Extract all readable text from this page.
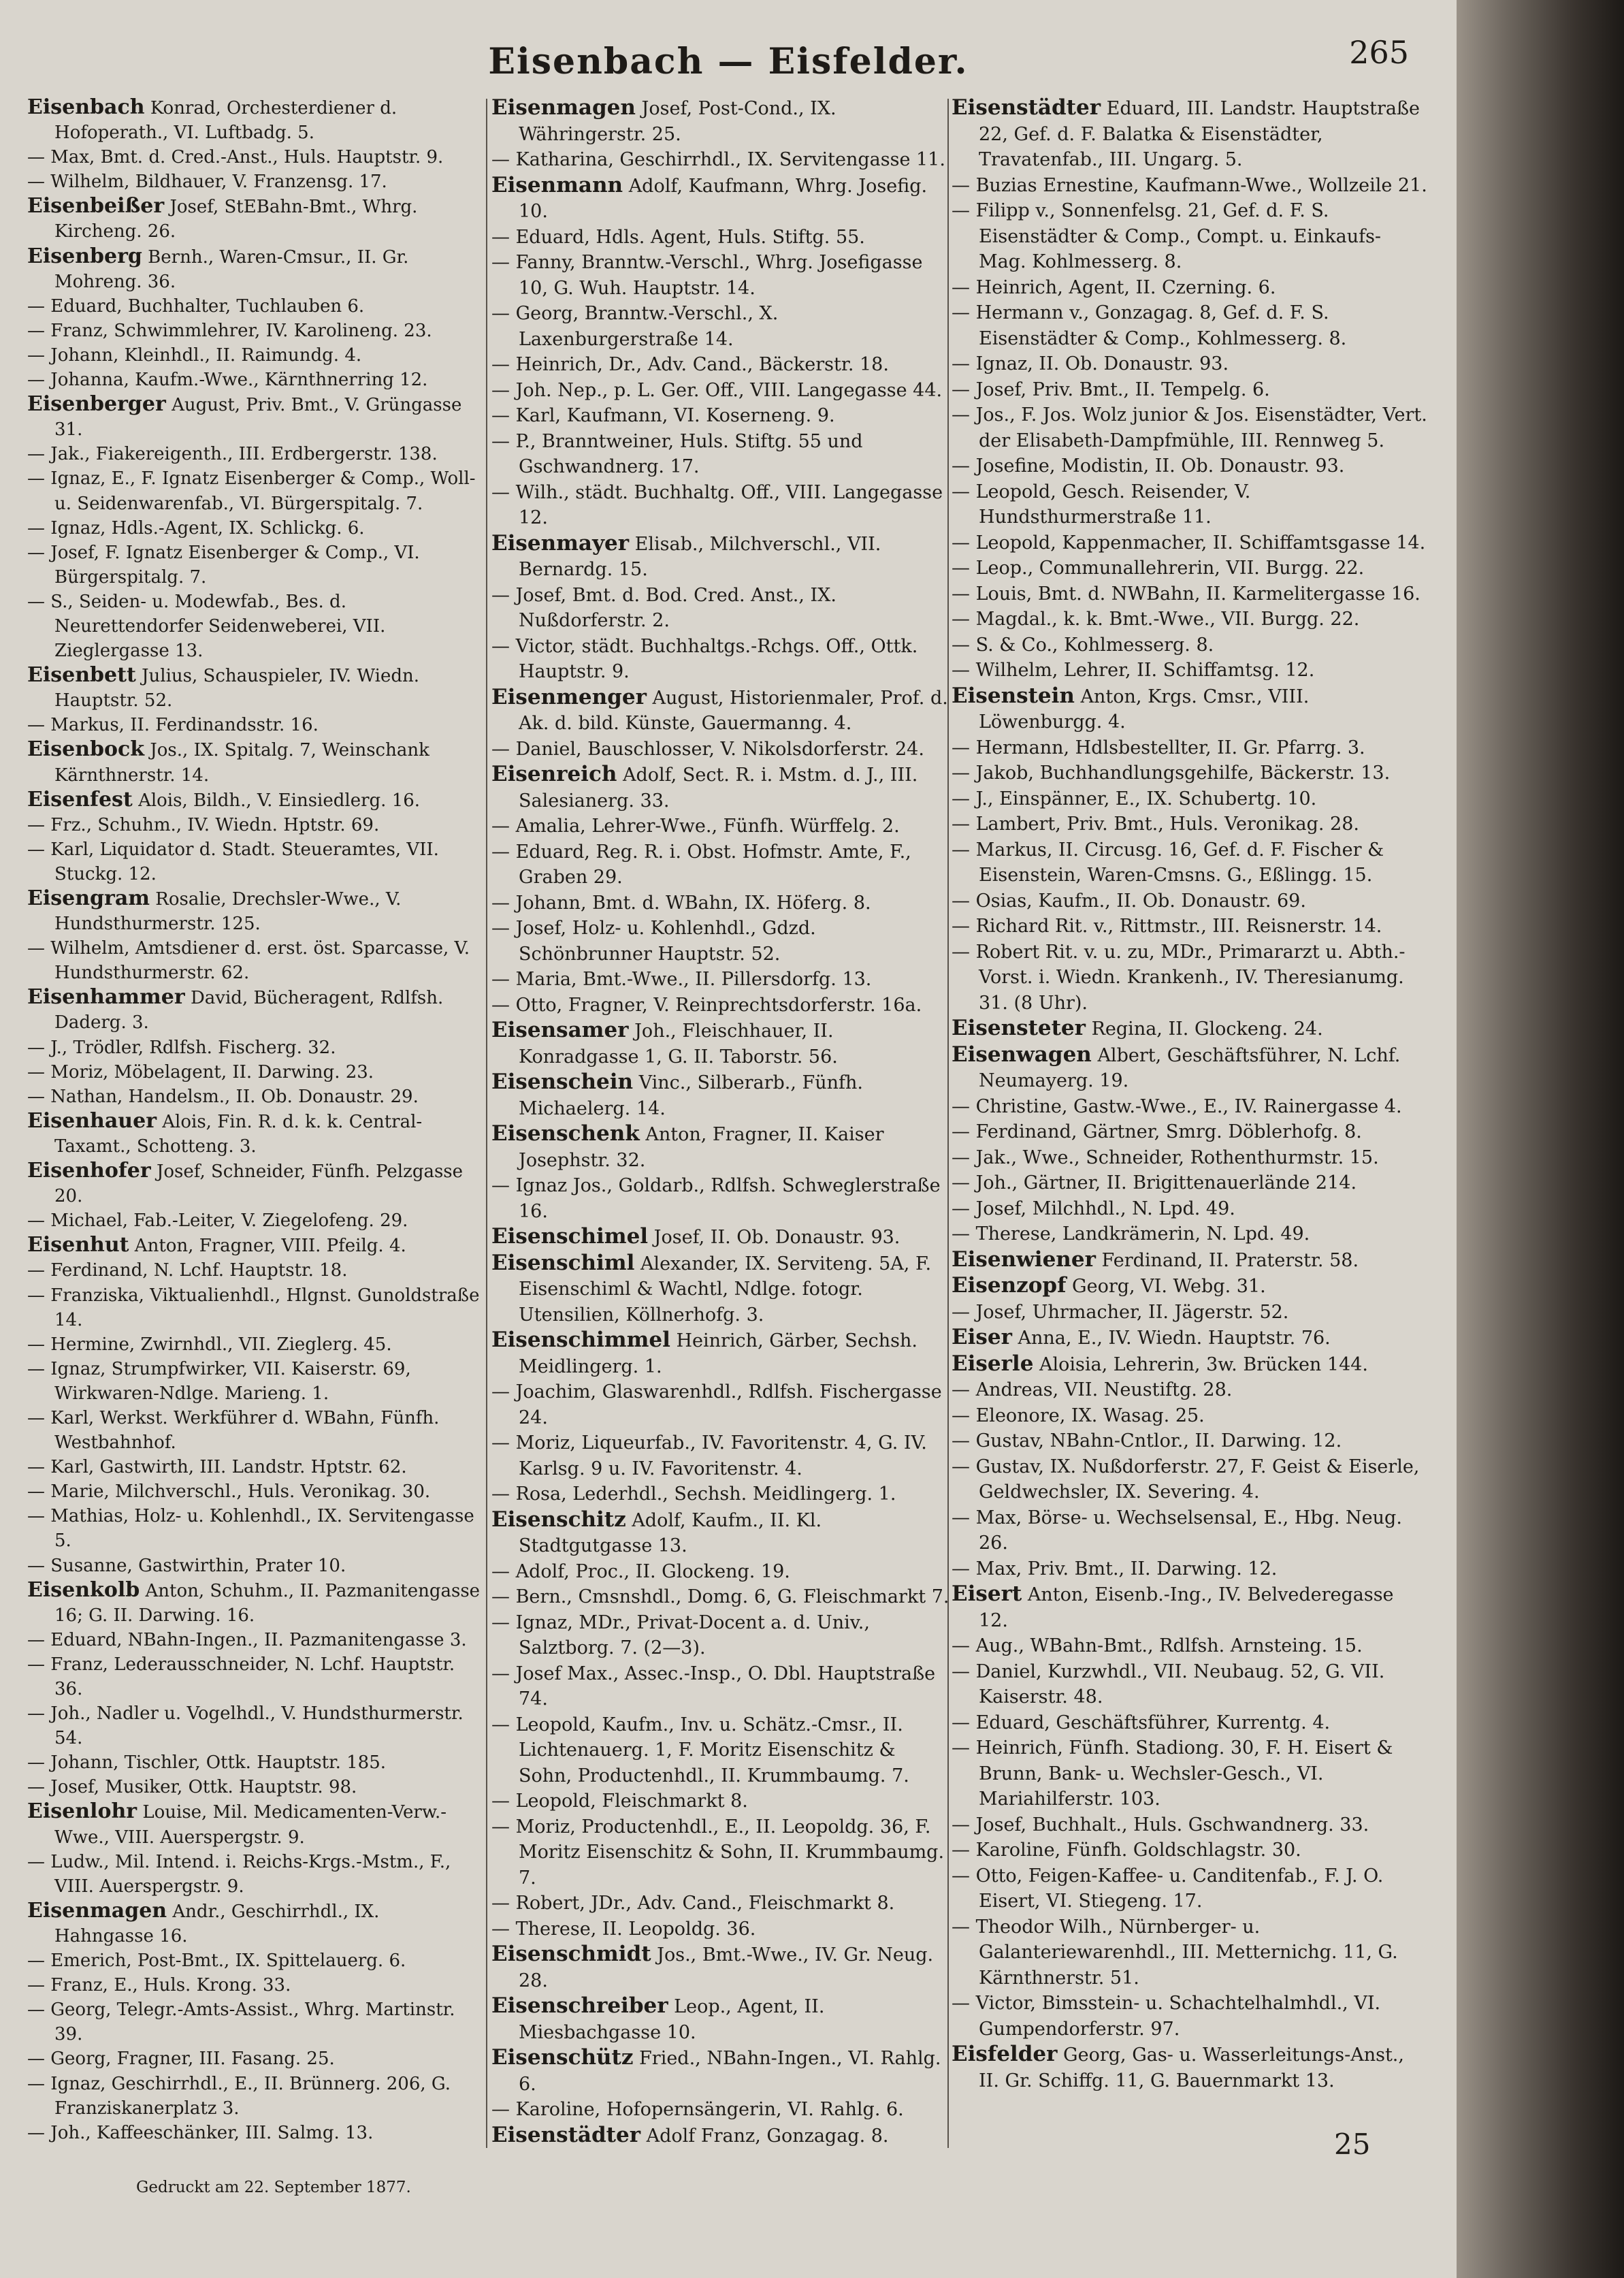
Eisenbach — Eisfelder.	265

Eisenbach Konrad, Orchesterdiener d. Hofoperath., VI. Luftbadg. 5.

— Max, Bmt. d. Cred.-Anst., Huls. Hauptstr. 9.

— Wilhelm, Bildhauer, V. Franzensg. 17.

Eisenbeißer Josef, StEBahn-Bmt., Whrg. Kircheng. 26.

Eisenberg Bernh., Waren-Cmsur., II. Gr. Mohreng. 36.

— Eduard, Buchhalter, Tuchlauben 6.

— Franz, Schwimmlehrer, IV. Karolineng. 23.

— Johann, Kleinhdl., II. Raimundg. 4.

— Johanna, Kaufm.-Wwe., Kärnthnerring 12.

Eisenberger August, Priv. Bmt., V. Grüngasse 31.

— Jak., Fiakereigenth., III. Erdbergerstr. 138.

— Ignaz, E., F. Ignatz Eisenberger & Comp., Woll- u. Seidenwarenfab., VI. Bürgerspitalg. 7.

— Ignaz, Hdls.-Agent, IX. Schlickg. 6.

— Josef, F. Ignatz Eisenberger & Comp., VI. Bürgerspitalg. 7.

— S., Seiden- u. Modewfab., Bes. d. Neurettendorfer Seidenweberei, VII. Zieglergasse 13.

Eisenbett Julius, Schauspieler, IV. Wiedn. Hauptstr. 52.

— Markus, II. Ferdinandsstr. 16.

Eisenbock Jos., IX. Spitalg. 7, Weinschank Kärnthnerstr. 14.

Eisenfest Alois, Bildh., V. Einsiedlerg. 16.

— Frz., Schuhm., IV. Wiedn. Hptstr. 69.

— Karl, Liquidator d. Stadt. Steueramtes, VII. Stuckg. 12.

Eisengram Rosalie, Drechsler-Wwe., V. Hundsthurmerstr. 125.

— Wilhelm, Amtsdiener d. erst. öst. Sparcasse, V. Hundsthurmerstr. 62.

Eisenhammer David, Bücheragent, Rdlfsh. Daderg. 3.

— J., Trödler, Rdlfsh. Fischerg. 32.

— Moriz, Möbelagent, II. Darwing. 23.

— Nathan, Handelsm., II. Ob. Donaustr. 29.

Eisenhauer Alois, Fin. R. d. k. k. Central-Taxamt., Schotteng. 3.

Eisenhofer Josef, Schneider, Fünfh. Pelzgasse 20.

— Michael, Fab.-Leiter, V. Ziegelofeng. 29.

Eisenhut Anton, Fragner, VIII. Pfeilg. 4.

— Ferdinand, N. Lchf. Hauptstr. 18.

— Franziska, Viktualienhdl., Hlgnst. Gunoldstraße 14.

— Hermine, Zwirnhdl., VII. Zieglerg. 45.

— Ignaz, Strumpfwirker, VII. Kaiserstr. 69, Wirkwaren-Ndlge. Marieng. 1.

— Karl, Werkst. Werkführer d. WBahn, Fünfh. Westbahnhof.

— Karl, Gastwirth, III. Landstr. Hptstr. 62.

— Marie, Milchverschl., Huls. Veronikag. 30.

— Mathias, Holz- u. Kohlenhdl., IX. Servitengasse 5.

— Susanne, Gastwirthin, Prater 10.

Eisenkolb Anton, Schuhm., II. Pazmanitengasse 16; G. II. Darwing. 16.

— Eduard, NBahn-Ingen., II. Pazmanitengasse 3.

— Franz, Lederausschneider, N. Lchf. Hauptstr. 36.

— Joh., Nadler u. Vogelhdl., V. Hundsthurmerstr. 54.

— Johann, Tischler, Ottk. Hauptstr. 185.

— Josef, Musiker, Ottk. Hauptstr. 98.

Eisenlohr Louise, Mil. Medicamenten-Verw.-Wwe., VIII. Auerspergstr. 9.

— Ludw., Mil. Intend. i. Reichs-Krgs.-Mstm., F., VIII. Auerspergstr. 9.

Eisenmagen Andr., Geschirrhdl., IX. Hahngasse 16.

— Emerich, Post-Bmt., IX. Spittelauerg. 6.

— Franz, E., Huls. Krong. 33.

— Georg, Telegr.-Amts-Assist., Whrg. Martinstr. 39.

— Georg, Fragner, III. Fasang. 25.

— Ignaz, Geschirrhdl., E., II. Brünnerg. 206, G. Franziskanerplatz 3.

— Joh., Kaffeeschänker, III. Salmg. 13.

Eisenmagen Josef, Post-Cond., IX. Währingerstr. 25.

— Katharina, Geschirrhdl., IX. Servitengasse 11.

Eisenmann Adolf, Kaufmann, Whrg. Josefig. 10.

— Eduard, Hdls. Agent, Huls. Stiftg. 55.

— Fanny, Branntw.-Verschl., Whrg. Josefigasse 10, G. Wuh. Hauptstr. 14.

— Georg, Branntw.-Verschl., X. Laxenburgerstraße 14.

— Heinrich, Dr., Adv. Cand., Bäckerstr. 18.

— Joh. Nep., p. L. Ger. Off., VIII. Langegasse 44.

— Karl, Kaufmann, VI. Koserneng. 9.

— P., Branntweiner, Huls. Stiftg. 55 und Gschwandnerg. 17.

— Wilh., städt. Buchhaltg. Off., VIII. Langegasse 12.

Eisenmayer Elisab., Milchverschl., VII. Bernardg. 15.

— Josef, Bmt. d. Bod. Cred. Anst., IX. Nußdorferstr. 2.

— Victor, städt. Buchhaltgs.-Rchgs. Off., Ottk. Hauptstr. 9.

Eisenmenger August, Historienmaler, Prof. d. Ak. d. bild. Künste, Gauermanng. 4.

— Daniel, Bauschlosser, V. Nikolsdorferstr. 24.

Eisenreich Adolf, Sect. R. i. Mstm. d. J., III. Salesianerg. 33.

— Amalia, Lehrer-Wwe., Fünfh. Würffelg. 2.

— Eduard, Reg. R. i. Obst. Hofmstr. Amte, F., Graben 29.

— Johann, Bmt. d. WBahn, IX. Höferg. 8.

— Josef, Holz- u. Kohlenhdl., Gdzd. Schönbrunner Hauptstr. 52.

— Maria, Bmt.-Wwe., II. Pillersdorfg. 13.

— Otto, Fragner, V. Reinprechtsdorferstr. 16a.

Eisensamer Joh., Fleischhauer, II. Konradgasse 1, G. II. Taborstr. 56.

Eisenschein Vinc., Silberarb., Fünfh. Michaelerg. 14.

Eisenschenk Anton, Fragner, II. Kaiser Josephstr. 32.

— Ignaz Jos., Goldarb., Rdlfsh. Schweglerstraße 16.

Eisenschimel Josef, II. Ob. Donaustr. 93.

Eisenschiml Alexander, IX. Serviteng. 5A, F. Eisenschiml & Wachtl, Ndlge. fotogr. Utensilien, Köllnerhofg. 3.

Eisenschimmel Heinrich, Gärber, Sechsh. Meidlingerg. 1.

— Joachim, Glaswarenhdl., Rdlfsh. Fischergasse 24.

— Moriz, Liqueurfab., IV. Favoritenstr. 4, G. IV. Karlsg. 9 u. IV. Favoritenstr. 4.

— Rosa, Lederhdl., Sechsh. Meidlingerg. 1.

Eisenschitz Adolf, Kaufm., II. Kl. Stadtgutgasse 13.

— Adolf, Proc., II. Glockeng. 19.

— Bern., Cmsnshdl., Domg. 6, G. Fleischmarkt 7.

— Ignaz, MDr., Privat-Docent a. d. Univ., Salztborg. 7. (2—3).

— Josef Max., Assec.-Insp., O. Dbl. Hauptstraße 74.

— Leopold, Kaufm., Inv. u. Schätz.-Cmsr., II. Lichtenauerg. 1, F. Moritz Eisenschitz & Sohn, Productenhdl., II. Krummbaumg. 7.

— Leopold, Fleischmarkt 8.

— Moriz, Productenhdl., E., II. Leopoldg. 36, F. Moritz Eisenschitz & Sohn, II. Krummbaumg. 7.

— Robert, JDr., Adv. Cand., Fleischmarkt 8.

— Therese, II. Leopoldg. 36.

Eisenschmidt Jos., Bmt.-Wwe., IV. Gr. Neug. 28.

Eisenschreiber Leop., Agent, II. Miesbachgasse 10.

Eisenschütz Fried., NBahn-Ingen., VI. Rahlg. 6.

— Karoline, Hofopernsängerin, VI. Rahlg. 6.

Eisenstädter Adolf Franz, Gonzagag. 8.

Eisenstädter Eduard, III. Landstr. Hauptstraße 22, Gef. d. F. Balatka & Eisenstädter, Travatenfab., III. Ungarg. 5.

— Buzias Ernestine, Kaufmann-Wwe., Wollzeile 21.

— Filipp v., Sonnenfelsg. 21, Gef. d. F. S. Eisenstädter & Comp., Compt. u. Einkaufs-Mag. Kohlmesserg. 8.

— Heinrich, Agent, II. Czerning. 6.

— Hermann v., Gonzagag. 8, Gef. d. F. S. Eisenstädter & Comp., Kohlmesserg. 8.

— Ignaz, II. Ob. Donaustr. 93.

— Josef, Priv. Bmt., II. Tempelg. 6.

— Jos., F. Jos. Wolz junior & Jos. Eisenstädter, Vert. der Elisabeth-Dampfmühle, III. Rennweg 5.

— Josefine, Modistin, II. Ob. Donaustr. 93.

— Leopold, Gesch. Reisender, V. Hundsthurmerstraße 11.

— Leopold, Kappenmacher, II. Schiffamtsgasse 14.

— Leop., Communallehrerin, VII. Burgg. 22.

— Louis, Bmt. d. NWBahn, II. Karmelitergasse 16.

— Magdal., k. k. Bmt.-Wwe., VII. Burgg. 22.

— S. & Co., Kohlmesserg. 8.

— Wilhelm, Lehrer, II. Schiffamtsg. 12.

Eisenstein Anton, Krgs. Cmsr., VIII. Löwenburgg. 4.

— Hermann, Hdlsbestellter, II. Gr. Pfarrg. 3.

— Jakob, Buchhandlungsgehilfe, Bäckerstr. 13.

— J., Einspänner, E., IX. Schubertg. 10.

— Lambert, Priv. Bmt., Huls. Veronikag. 28.

— Markus, II. Circusg. 16, Gef. d. F. Fischer & Eisenstein, Waren-Cmsns. G., Eßlingg. 15.

— Osias, Kaufm., II. Ob. Donaustr. 69.

— Richard Rit. v., Rittmstr., III. Reisnerstr. 14.

— Robert Rit. v. u. zu, MDr., Primararzt u. Abth.-Vorst. i. Wiedn. Krankenh., IV. Theresianumg. 31. (8 Uhr).

Eisensteter Regina, II. Glockeng. 24.

Eisenwagen Albert, Geschäftsführer, N. Lchf. Neumayerg. 19.

— Christine, Gastw.-Wwe., E., IV. Rainergasse 4.

— Ferdinand, Gärtner, Smrg. Döblerhofg. 8.

— Jak., Wwe., Schneider, Rothenthurmstr. 15.

— Joh., Gärtner, II. Brigittenauerlände 214.

— Josef, Milchhdl., N. Lpd. 49.

— Therese, Landkrämerin, N. Lpd. 49.

Eisenwiener Ferdinand, II. Praterstr. 58.

Eisenzopf Georg, VI. Webg. 31.

— Josef, Uhrmacher, II. Jägerstr. 52.

Eiser Anna, E., IV. Wiedn. Hauptstr. 76.

Eiserle Aloisia, Lehrerin, 3w. Brücken 144.

— Andreas, VII. Neustiftg. 28.

— Eleonore, IX. Wasag. 25.

— Gustav, NBahn-Cntlor., II. Darwing. 12.

— Gustav, IX. Nußdorferstr. 27, F. Geist & Eiserle, Geldwechsler, IX. Severing. 4.

— Max, Börse- u. Wechselsensal, E., Hbg. Neug. 26.

— Max, Priv. Bmt., II. Darwing. 12.

Eisert Anton, Eisenb.-Ing., IV. Belvederegasse 12.

— Aug., WBahn-Bmt., Rdlfsh. Arnsteing. 15.

— Daniel, Kurzwhdl., VII. Neubaug. 52, G. VII. Kaiserstr. 48.

— Eduard, Geschäftsführer, Kurrentg. 4.

— Heinrich, Fünfh. Stadiong. 30, F. H. Eisert & Brunn, Bank- u. Wechsler-Gesch., VI. Mariahilferstr. 103.

— Josef, Buchhalt., Huls. Gschwandnerg. 33.

— Karoline, Fünfh. Goldschlagstr. 30.

— Otto, Feigen-Kaffee- u. Canditenfab., F. J. O. Eisert, VI. Stiegeng. 17.

— Theodor Wilh., Nürnberger- u. Galanteriewarenhdl., III. Metternichg. 11, G. Kärnthnerstr. 51.

— Victor, Bimsstein- u. Schachtelhalmhdl., VI. Gumpendorferstr. 97.

Eisfelder Georg, Gas- u. Wasserleitungs-Anst., II. Gr. Schiffg. 11, G. Bauernmarkt 13.

Gedruckt am 22. September 1877.
25
